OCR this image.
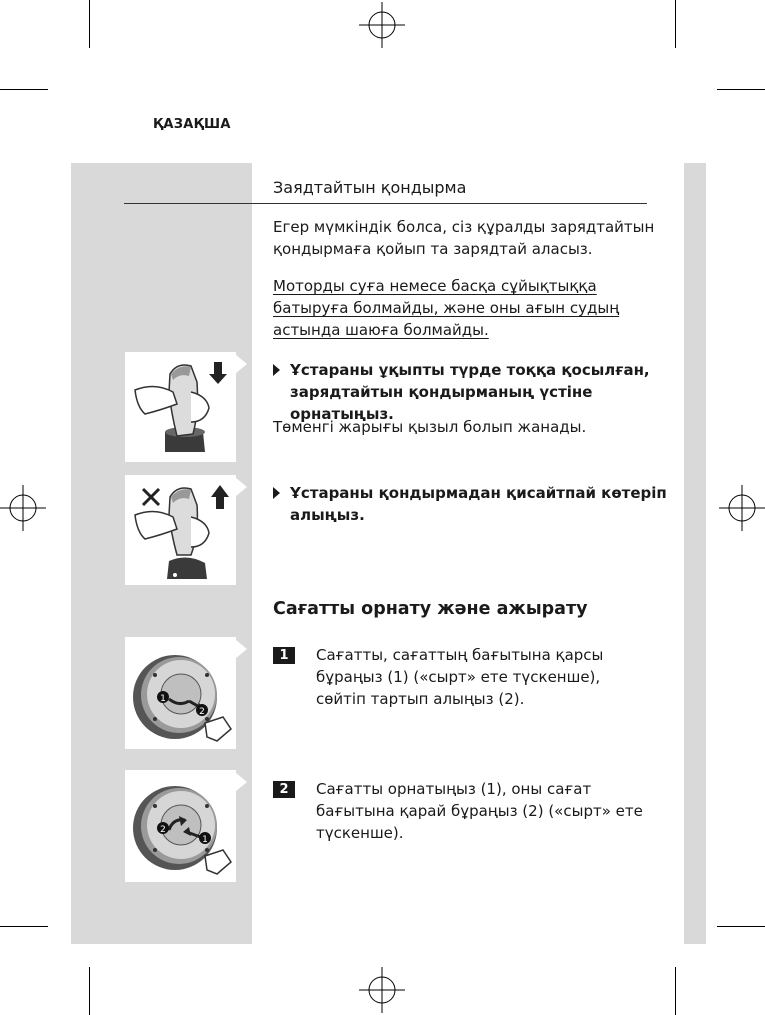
ҚАЗАҚША
Заядтайтын қондырма
Егер мүмкіндік болса, сіз құралды зарядтайтын
қондырмаға қойып та зарядтай аласыз.
Моторды суға немесе басқа сұйықтыққа
батыруға болмайды, және оны ағын судың
астында шаюға болмайды.
Ұстараны ұқыпты түрде тоққа қосылған,
зарядтайтын қондырманың үстіне
орнатыңыз.
Төменгі жарығы қызыл болып жанады.
Ұстараны қондырмадан қисайтпай көтеріп
алыңыз.
Сағатты орнату және ажырату
1
2
1	Сағатты, сағаттың бағытына қарсы
бұраңыз (1) («сырт» ете түскенше),
сөйтіп тартып алыңыз (2).
2
1
2	Сағатты орнатыңыз (1), оны сағат
бағытына қарай бұраңыз (2) («сырт» ете
түскенше).
